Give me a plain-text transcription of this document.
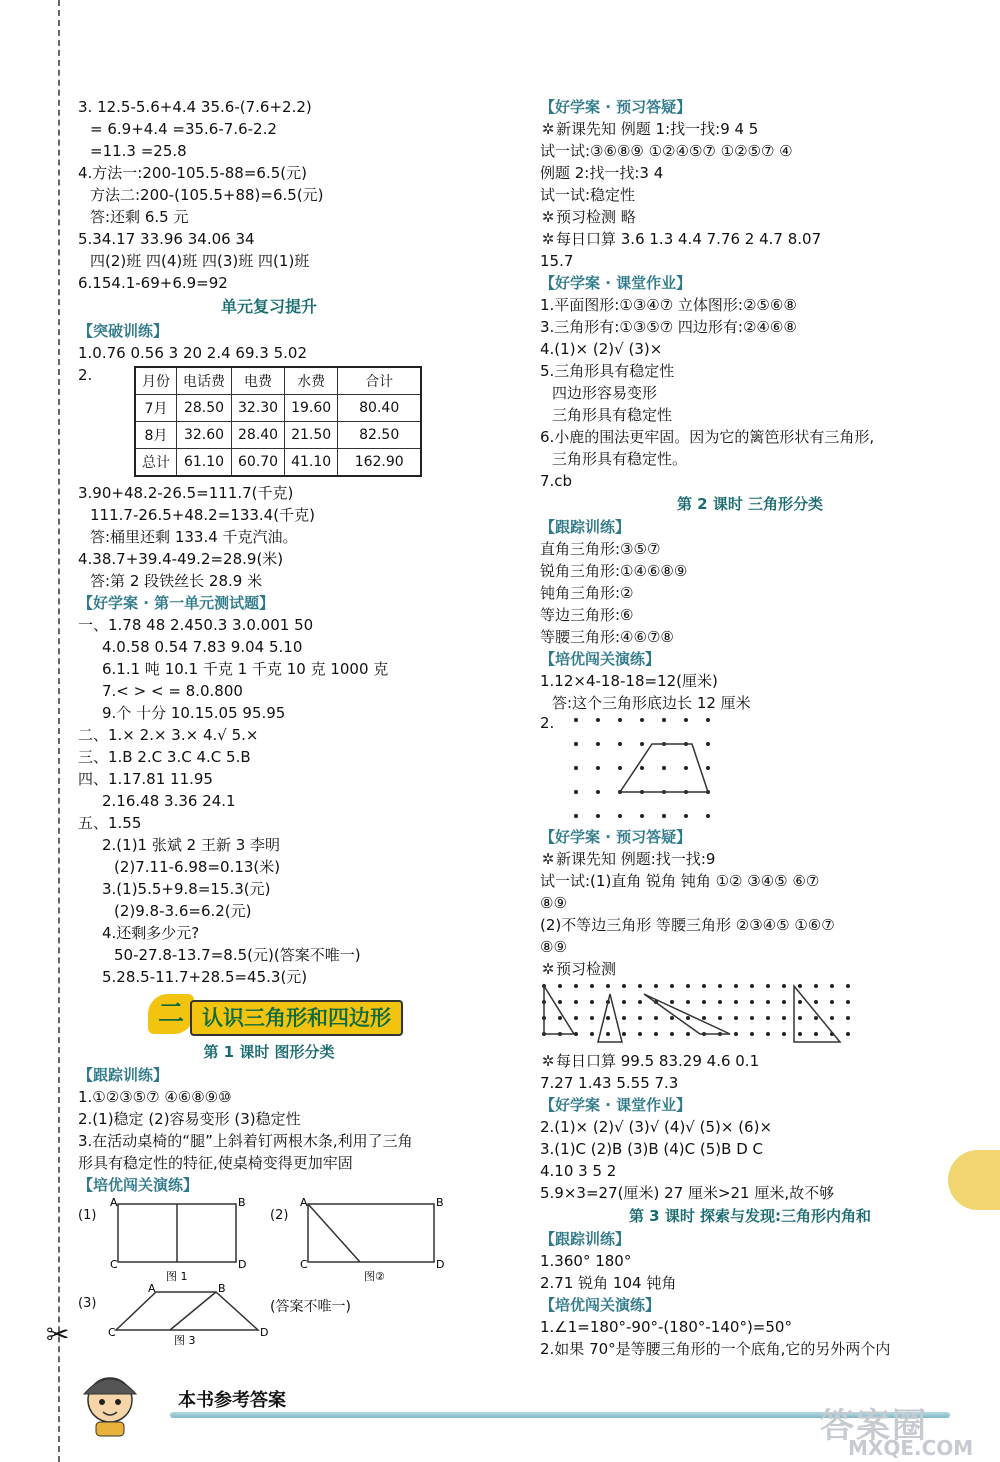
✂
3. 12.5-5.6+4.4 35.6-(7.6+2.2)
= 6.9+4.4 =35.6-7.6-2.2
=11.3 =25.8
4.方法一:200-105.5-88=6.5(元)
方法二:200-(105.5+88)=6.5(元)
答:还剩 6.5 元
5.34.17 33.96 34.06 34
四(2)班 四(4)班 四(3)班 四(1)班
6.154.1-69+6.9=92
单元复习提升
【突破训练】
1.0.76 0.56 3 20 2.4 69.3 5.02
2.	月份	电话费	电费	水费	合计
7月	28.50	32.30	19.60	80.40
8月	32.60	28.40	21.50	82.50
总计	61.10	60.70	41.10	162.90
3.90+48.2-26.5=111.7(千克)
111.7-26.5+48.2=133.4(千克)
答:桶里还剩 133.4 千克汽油。
4.38.7+39.4-49.2=28.9(米)
答:第 2 段铁丝长 28.9 米
【好学案 · 第一单元测试题】
一、1.78 48 2.450.3 3.0.001 50
4.0.58 0.54 7.83 9.04 5.10
6.1.1 吨 10.1 千克 1 千克 10 克 1000 克
7.< > < = 8.0.800
9.个 十分 10.15.05 95.95
二、1.× 2.× 3.× 4.√ 5.×
三、1.B 2.C 3.C 4.C 5.B
四、1.17.81 11.95
2.16.48 3.36 24.1
五、1.55
2.(1)1 张斌 2 王新 3 李明
(2)7.11-6.98=0.13(米)
3.(1)5.5+9.8=15.3(元)
(2)9.8-3.6=6.2(元)
4.还剩多少元?
50-27.8-13.7=8.5(元)(答案不唯一)
5.28.5-11.7+28.5=45.3(元)
二 认识三角形和四边形
第 1 课时 图形分类
【跟踪训练】
1.①②③⑤⑦ ④⑥⑧⑨⑩
2.(1)稳定 (2)容易变形 (3)稳定性
3.在活动桌椅的“腿”上斜着钉两根木条,利用了三角
形具有稳定性的特征,使桌椅变得更加牢固
【培优闯关演练】
(1)
A	B
C	D
图 1
(2)
A	B
C	D
图②
(3)
A	B
C	D
图 3
(答案不唯一)
【好学案 · 预习答疑】
✲ 新课先知 例题 1:找一找:9 4 5
试一试:③⑥⑧⑨ ①②④⑤⑦ ①②⑤⑦ ④
例题 2:找一找:3 4
试一试:稳定性
✲ 预习检测 略
✲ 每日口算 3.6 1.3 4.4 7.76 2 4.7 8.07
15.7
【好学案 · 课堂作业】
1.平面图形:①③④⑦ 立体图形:②⑤⑥⑧
3.三角形有:①③⑤⑦ 四边形有:②④⑥⑧
4.(1)× (2)√ (3)×
5.三角形具有稳定性
四边形容易变形
三角形具有稳定性
6.小鹿的围法更牢固。因为它的篱笆形状有三角形,
三角形具有稳定性。
7.cb
第 2 课时 三角形分类
【跟踪训练】
直角三角形:③⑤⑦
锐角三角形:①④⑥⑧⑨
钝角三角形:②
等边三角形:⑥
等腰三角形:④⑥⑦⑧
【培优闯关演练】
1.12×4-18-18=12(厘米)
答:这个三角形底边长 12 厘米
2.
【好学案 · 预习答疑】
✲ 新课先知 例题:找一找:9
试一试:(1)直角 锐角 钝角 ①② ③④⑤ ⑥⑦
⑧⑨
(2)不等边三角形 等腰三角形 ②③④⑤ ①⑥⑦
⑧⑨
✲ 预习检测
✲ 每日口算 99.5 83.29 4.6 0.1
7.27 1.43 5.55 7.3
【好学案 · 课堂作业】
2.(1)× (2)√ (3)√ (4)√ (5)× (6)×
3.(1)C (2)B (3)B (4)C (5)B D C
4.10 3 5 2
5.9×3=27(厘米) 27 厘米>21 厘米,故不够
第 3 课时 探索与发现:三角形内角和
【跟踪训练】
1.360° 180°
2.71 锐角 104 钝角
【培优闯关演练】
1.∠1=180°-90°-(180°-140°)=50°
2.如果 70°是等腰三角形的一个底角,它的另外两个内
本书参考答案
答案圈
MXQE.COM
